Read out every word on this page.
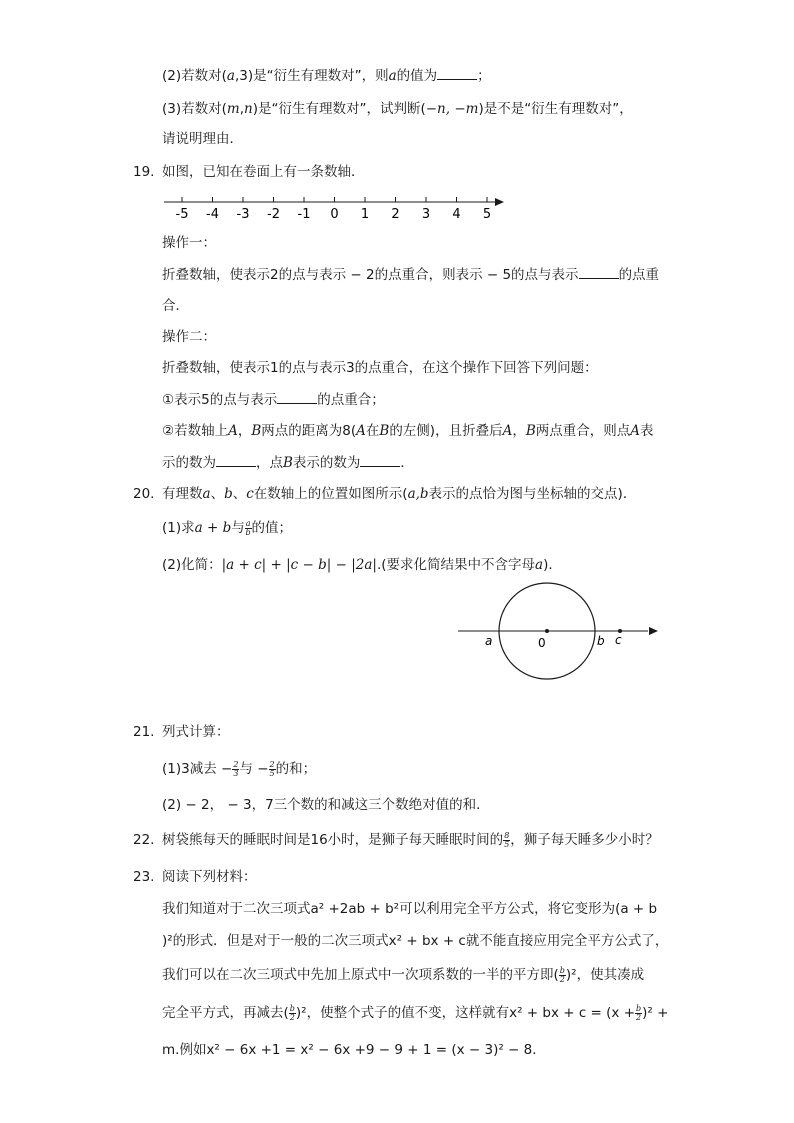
(2)若数对(a,3)是“衍生有理数对”，则a的值为	；
(3)若数对(m,n)是“衍生有理数对”，试判断(−n, −m)是不是“衍生有理数对”，
请说明理由．
19. 如图，已知在卷面上有一条数轴．
-5 -4 -3 -2 -1 0 1 2 3 4 5
操作一：
折叠数轴，使表示2的点与表示 − 2的点重合，则表示 − 5的点与表示	的点重
合．
操作二：
折叠数轴，使表示1的点与表示3的点重合，在这个操作下回答下列问题：
①表示5的点与表示	的点重合；
②若数轴上A，B两点的距离为8(A在B的左侧)，且折叠后A，B两点重合，则点A表
示的数为	，点B表示的数为	．
20. 有理数a、b、c在数轴上的位置如图所示(a,b表示的点恰为图与坐标轴的交点)．
(1)求a + b与 $\frac{a}{b}$ 的值；
(2)化简：|a + c| + |c − b| − |2a|.(要求化简结果中不含字母a)．
a	0	b c
21. 列式计算：
(1)3减去 − $\frac{2}{3}$ 与 − $\frac{2}{5}$ 的和；
(2) − 2， − 3，7三个数的和减这三个数绝对值的和．
22. 树袋熊每天的睡眠时间是16小时，是狮子每天睡眠时间的 $\frac{8}{5}$ ，狮子每天睡多少小时？
23. 阅读下列材料：
我们知道对于二次三项式a² +2ab + b²可以利用完全平方公式，将它变形为(a + b
)²的形式．但是对于一般的二次三项式x² + bx + c就不能直接应用完全平方公式了，
我们可以在二次三项式中先加上原式中一次项系数的一半的平方即( $\frac{b}{2} )^2$，使其凑成
完全平方式，再减去( $\frac{b}{2} )^2$，使整个式子的值不变，这样就有x² + bx + $c = (x + \frac{b}{2} )^2$ +
m.例如x² − 6x +1 = x² − 6x +9 − 9 + 1 = (x − 3)² − 8．
